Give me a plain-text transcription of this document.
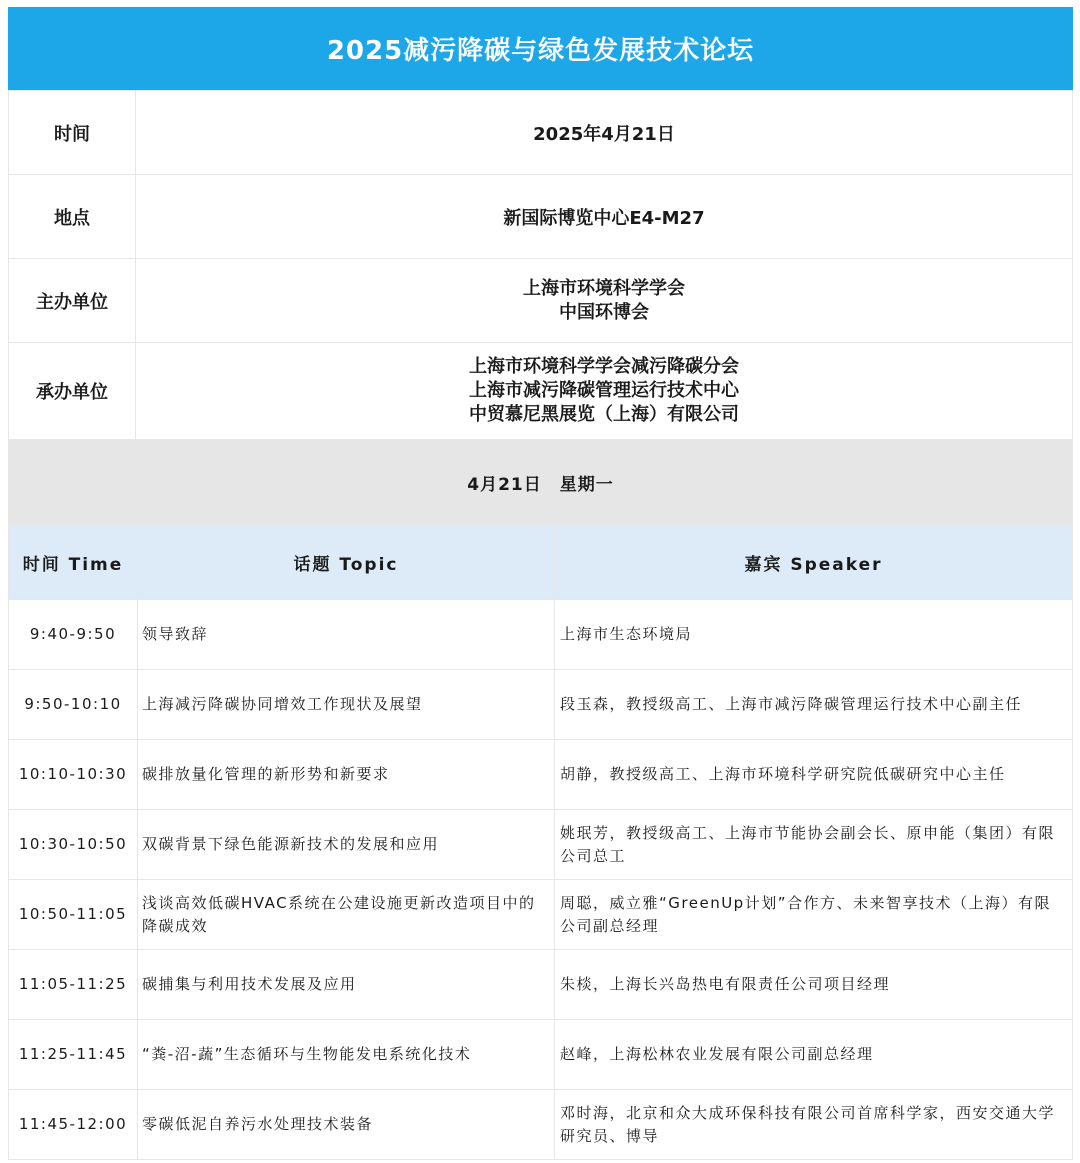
2025减污降碳与绿色发展技术论坛
时间	2025年4月21日
地点	新国际博览中心E4-M27
主办单位	上海市环境科学学会
中国环博会

承办单位	上海市环境科学学会减污降碳分会
上海市减污降碳管理运行技术中心
中贸慕尼黑展览（上海）有限公司
4月21日　星期一
时间 Time	话题 Topic	嘉宾 Speaker
9:40-9:50	领导致辞	上海市生态环境局
9:50-10:10	上海减污降碳协同增效工作现状及展望	段玉森，教授级高工、上海市减污降碳管理运行技术中心副主任
10:10-10:30	碳排放量化管理的新形势和新要求	胡静，教授级高工、上海市环境科学研究院低碳研究中心主任
10:30-10:50	双碳背景下绿色能源新技术的发展和应用	姚珉芳，教授级高工、上海市节能协会副会长、原申能（集团）有限公司总工
10:50-11:05	浅谈高效低碳HVAC系统在公建设施更新改造项目中的降碳成效	周聪，威立雅“GreenUp计划”合作方、未来智享技术（上海）有限公司副总经理
11:05-11:25	碳捕集与利用技术发展及应用	朱棪，上海长兴岛热电有限责任公司项目经理
11:25-11:45	“粪-沼-蔬”生态循环与生物能发电系统化技术	赵峰，上海松林农业发展有限公司副总经理
11:45-12:00	零碳低泥自养污水处理技术装备	邓时海，北京和众大成环保科技有限公司首席科学家，西安交通大学研究员、博导
